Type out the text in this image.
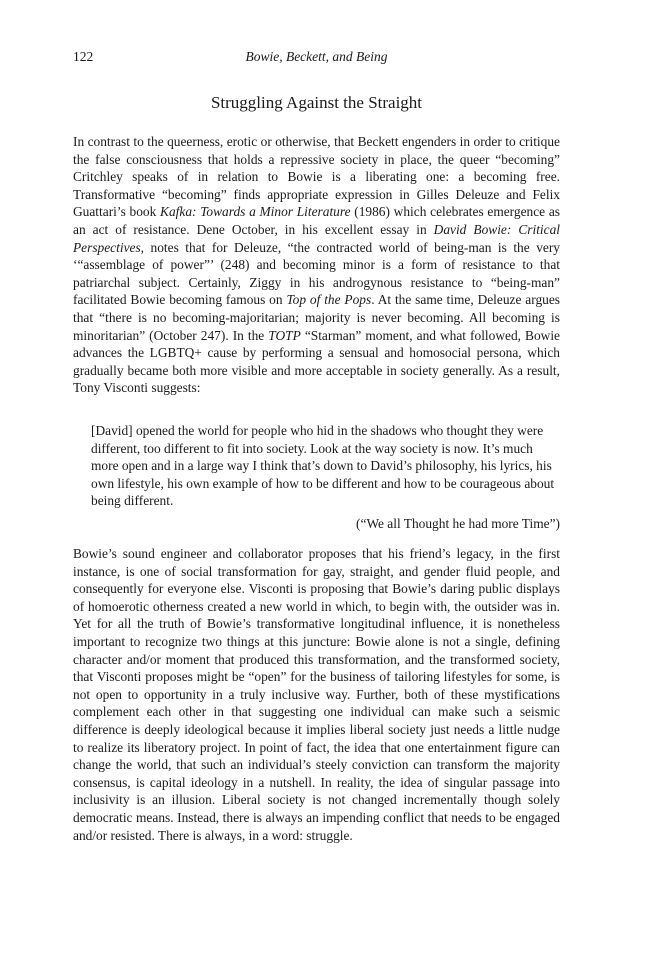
122	Bowie, Beckett, and Being
Struggling Against the Straight

In contrast to the queerness, erotic or otherwise, that Beckett engenders in order to critique the false consciousness that holds a repressive society in place, the queer “becoming” Critchley speaks of in relation to Bowie is a liberating one: a becoming free. Transformative “becoming” finds appropriate expression in Gilles Deleuze and Felix Guattari’s book Kafka: Towards a Minor Literature (1986) which celebrates emergence as an act of resistance. Dene October, in his excellent essay in David Bowie: Critical Perspectives, notes that for Deleuze, “the contracted world of being-man is the very ‘“assemblage of power”’ (248) and becoming minor is a form of resistance to that patriarchal subject. Certainly, Ziggy in his androgynous resistance to “being-man” facilitated Bowie becoming famous on Top of the Pops. At the same time, Deleuze argues that “there is no becoming-majoritarian; majority is never becoming. All becoming is minoritarian” (October 247). In the TOTP “Starman” moment, and what followed, Bowie advances the LGBTQ+ cause by performing a sensual and homosocial persona, which gradually became both more visible and more acceptable in society generally. As a result, Tony Visconti suggests:

[David] opened the world for people who hid in the shadows who thought they were different, too different to fit into society. Look at the way society is now. It’s much more open and in a large way I think that’s down to David’s philosophy, his lyrics, his own lifestyle, his own example of how to be different and how to be courageous about being different.

(“We all Thought he had more Time”)

Bowie’s sound engineer and collaborator proposes that his friend’s legacy, in the first instance, is one of social transformation for gay, straight, and gender fluid people, and consequently for everyone else. Visconti is proposing that Bowie’s daring public displays of homoerotic otherness created a new world in which, to begin with, the outsider was in. Yet for all the truth of Bowie’s transformative longitudinal influence, it is nonetheless important to recognize two things at this juncture: Bowie alone is not a single, defining character and/or moment that produced this transformation, and the transformed society, that Visconti proposes might be “open” for the business of tailoring lifestyles for some, is not open to opportunity in a truly inclusive way. Further, both of these mystifications complement each other in that suggesting one individual can make such a seismic difference is deeply ideological because it implies liberal society just needs a little nudge to realize its liberatory project. In point of fact, the idea that one entertainment figure can change the world, that such an individual’s steely conviction can transform the majority consensus, is capital ideology in a nutshell. In reality, the idea of singular passage into inclusivity is an illusion. Liberal society is not changed incrementally though solely democratic means. Instead, there is always an impending conflict that needs to be engaged and/or resisted. There is always, in a word: struggle.
